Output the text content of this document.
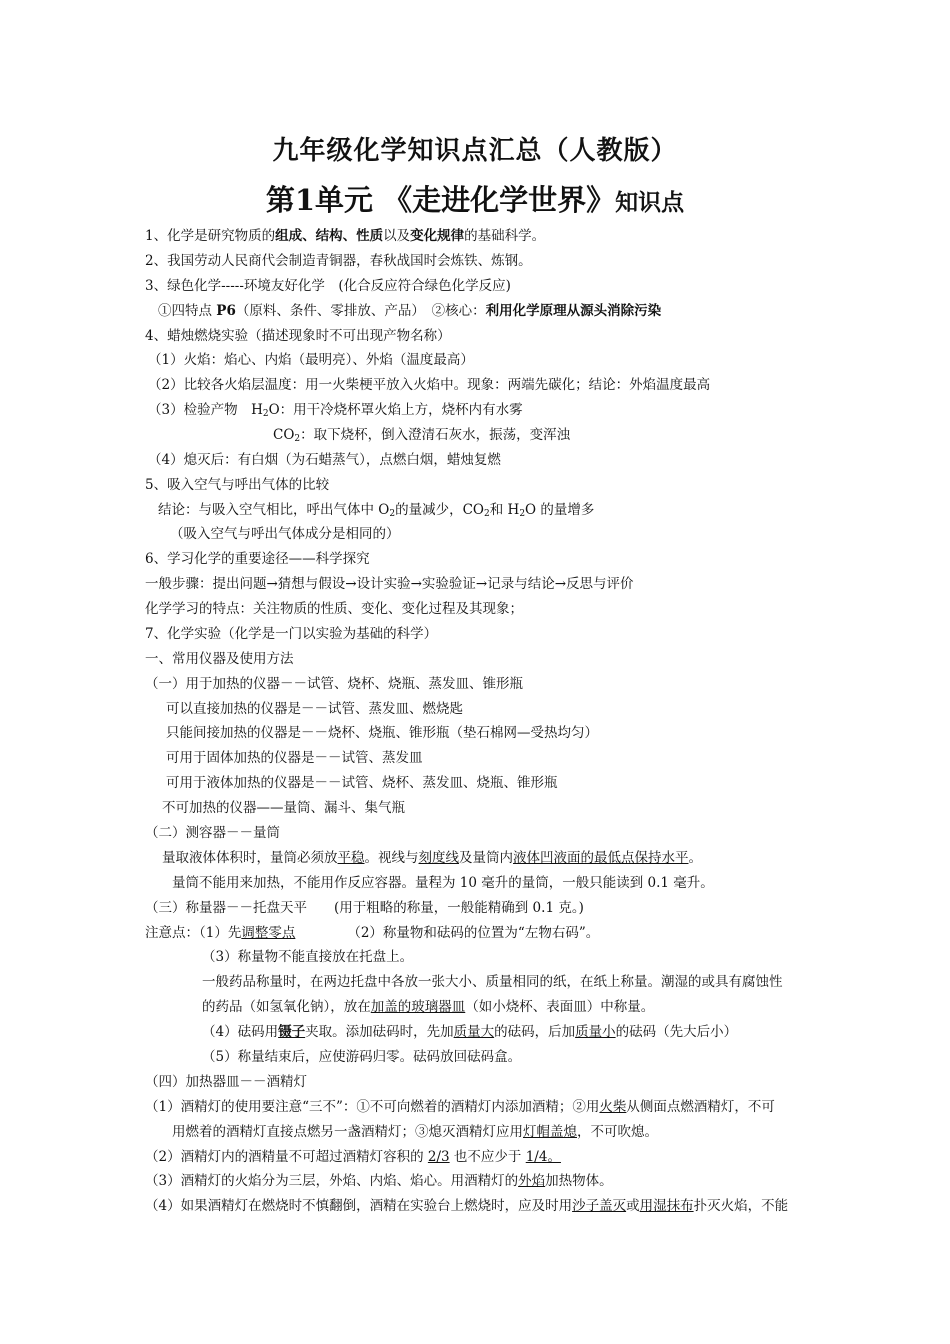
九年级化学知识点汇总（人教版）
第1单元 《走进化学世界》知识点
1、化学是研究物质的组成、结构、性质以及变化规律的基础科学。
2、我国劳动人民商代会制造青铜器，春秋战国时会炼铁、炼钢。
3、绿色化学-----环境友好化学　(化合反应符合绿色化学反应)
①四特点 P6（原料、条件、零排放、产品）　②核心：利用化学原理从源头消除污染
4、蜡烛燃烧实验（描述现象时不可出现产物名称）
（1）火焰：焰心、内焰（最明亮）、外焰（温度最高）
（2）比较各火焰层温度：用一火柴梗平放入火焰中。现象：两端先碳化；结论：外焰温度最高
（3）检验产物　$H_2O$：用干冷烧杯罩火焰上方，烧杯内有水雾
$CO_2$：取下烧杯，倒入澄清石灰水，振荡，变浑浊
（4）熄灭后：有白烟（为石蜡蒸气），点燃白烟，蜡烛复燃
5、吸入空气与呼出气体的比较
结论：与吸入空气相比，呼出气体中 $O_2$的量减少，$CO_2$和 $H_2O$ 的量增多
（吸入空气与呼出气体成分是相同的）
6、学习化学的重要途径——科学探究
一般步骤：提出问题→猜想与假设→设计实验→实验验证→记录与结论→反思与评价
化学学习的特点：关注物质的性质、变化、变化过程及其现象；
7、化学实验（化学是一门以实验为基础的科学）
一、常用仪器及使用方法
（一）用于加热的仪器－－试管、烧杯、烧瓶、蒸发皿、锥形瓶
可以直接加热的仪器是－－试管、蒸发皿、燃烧匙
只能间接加热的仪器是－－烧杯、烧瓶、锥形瓶（垫石棉网—受热均匀）
可用于固体加热的仪器是－－试管、蒸发皿
可用于液体加热的仪器是－－试管、烧杯、蒸发皿、烧瓶、锥形瓶
不可加热的仪器——量筒、漏斗、集气瓶
（二）测容器－－量筒
量取液体体积时，量筒必须放平稳。视线与刻度线及量筒内液体凹液面的最低点保持水平。
量筒不能用来加热，不能用作反应容器。量程为 10 毫升的量筒，一般只能读到 0.1 毫升。
（三）称量器－－托盘天平　　(用于粗略的称量，一般能精确到 0.1 克。)
注意点：（1）先调整零点	（2）称量物和砝码的位置为“左物右码”。
（3）称量物不能直接放在托盘上。
一般药品称量时，在两边托盘中各放一张大小、质量相同的纸，在纸上称量。潮湿的或具有腐蚀性
的药品（如氢氧化钠），放在加盖的玻璃器皿（如小烧杯、表面皿）中称量。
（4）砝码用镊子夹取。添加砝码时，先加质量大的砝码，后加质量小的砝码（先大后小）
（5）称量结束后，应使游码归零。砝码放回砝码盒。
（四）加热器皿－－酒精灯
（1）酒精灯的使用要注意“三不”：①不可向燃着的酒精灯内添加酒精；②用火柴从侧面点燃酒精灯，不可
用燃着的酒精灯直接点燃另一盏酒精灯；③熄灭酒精灯应用灯帽盖熄，不可吹熄。
（2）酒精灯内的酒精量不可超过酒精灯容积的 2/3 也不应少于 1/4。
（3）酒精灯的火焰分为三层，外焰、内焰、焰心。用酒精灯的外焰加热物体。
（4）如果酒精灯在燃烧时不慎翻倒，酒精在实验台上燃烧时，应及时用沙子盖灭或用湿抹布扑灭火焰，不能
